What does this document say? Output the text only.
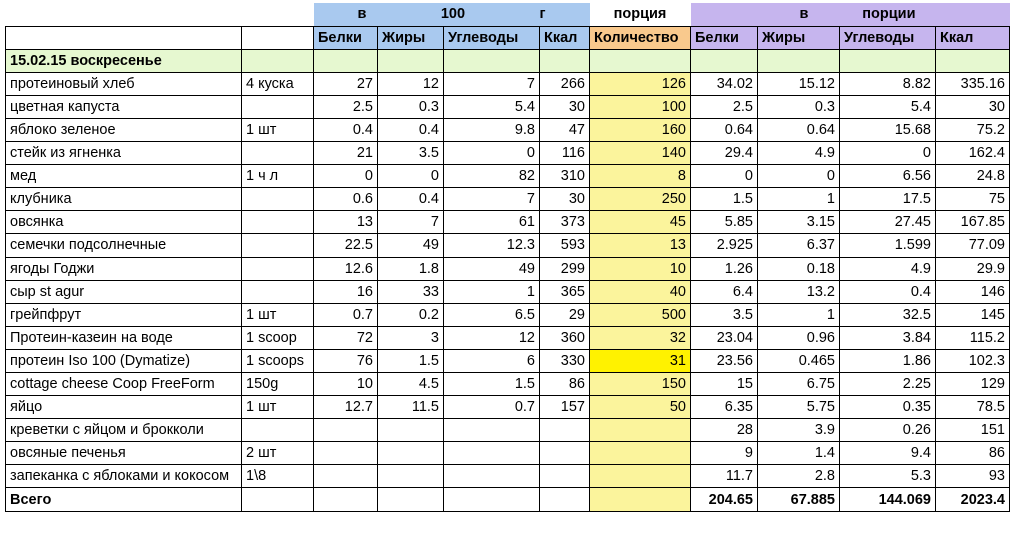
		в 100 г				порция	в порции			

		Белки	Жиры	Углеводы	Ккал	Количество	Белки	Жиры	Углеводы	Ккал
15.02.15 воскресенье										
протеиновый хлеб	4 куска	27	12	7	266	126	34.02	15.12	8.82	335.16
цветная капуста		2.5	0.3	5.4	30	100	2.5	0.3	5.4	30
яблоко зеленое	1 шт	0.4	0.4	9.8	47	160	0.64	0.64	15.68	75.2
стейк из ягненка		21	3.5	0	116	140	29.4	4.9	0	162.4
мед	1 ч л	0	0	82	310	8	0	0	6.56	24.8
клубника		0.6	0.4	7	30	250	1.5	1	17.5	75
овсянка		13	7	61	373	45	5.85	3.15	27.45	167.85
семечки подсолнечные		22.5	49	12.3	593	13	2.925	6.37	1.599	77.09
ягоды Годжи		12.6	1.8	49	299	10	1.26	0.18	4.9	29.9
сыр st agur		16	33	1	365	40	6.4	13.2	0.4	146
грейпфрут	1 шт	0.7	0.2	6.5	29	500	3.5	1	32.5	145
Протеин-казеин на воде	1 scoop	72	3	12	360	32	23.04	0.96	3.84	115.2
протеин Iso 100 (Dymatize)	1 scoops	76	1.5	6	330	31	23.56	0.465	1.86	102.3
cottage cheese Coop FreeForm	150g	10	4.5	1.5	86	150	15	6.75	2.25	129
яйцо	1 шт	12.7	11.5	0.7	157	50	6.35	5.75	0.35	78.5
креветки с яйцом и брокколи							28	3.9	0.26	151
овсяные печенья	2 шт						9	1.4	9.4	86
запеканка с яблоками и кокосом	1\8						11.7	2.8	5.3	93
Всего							204.65	67.885	144.069	2023.4
